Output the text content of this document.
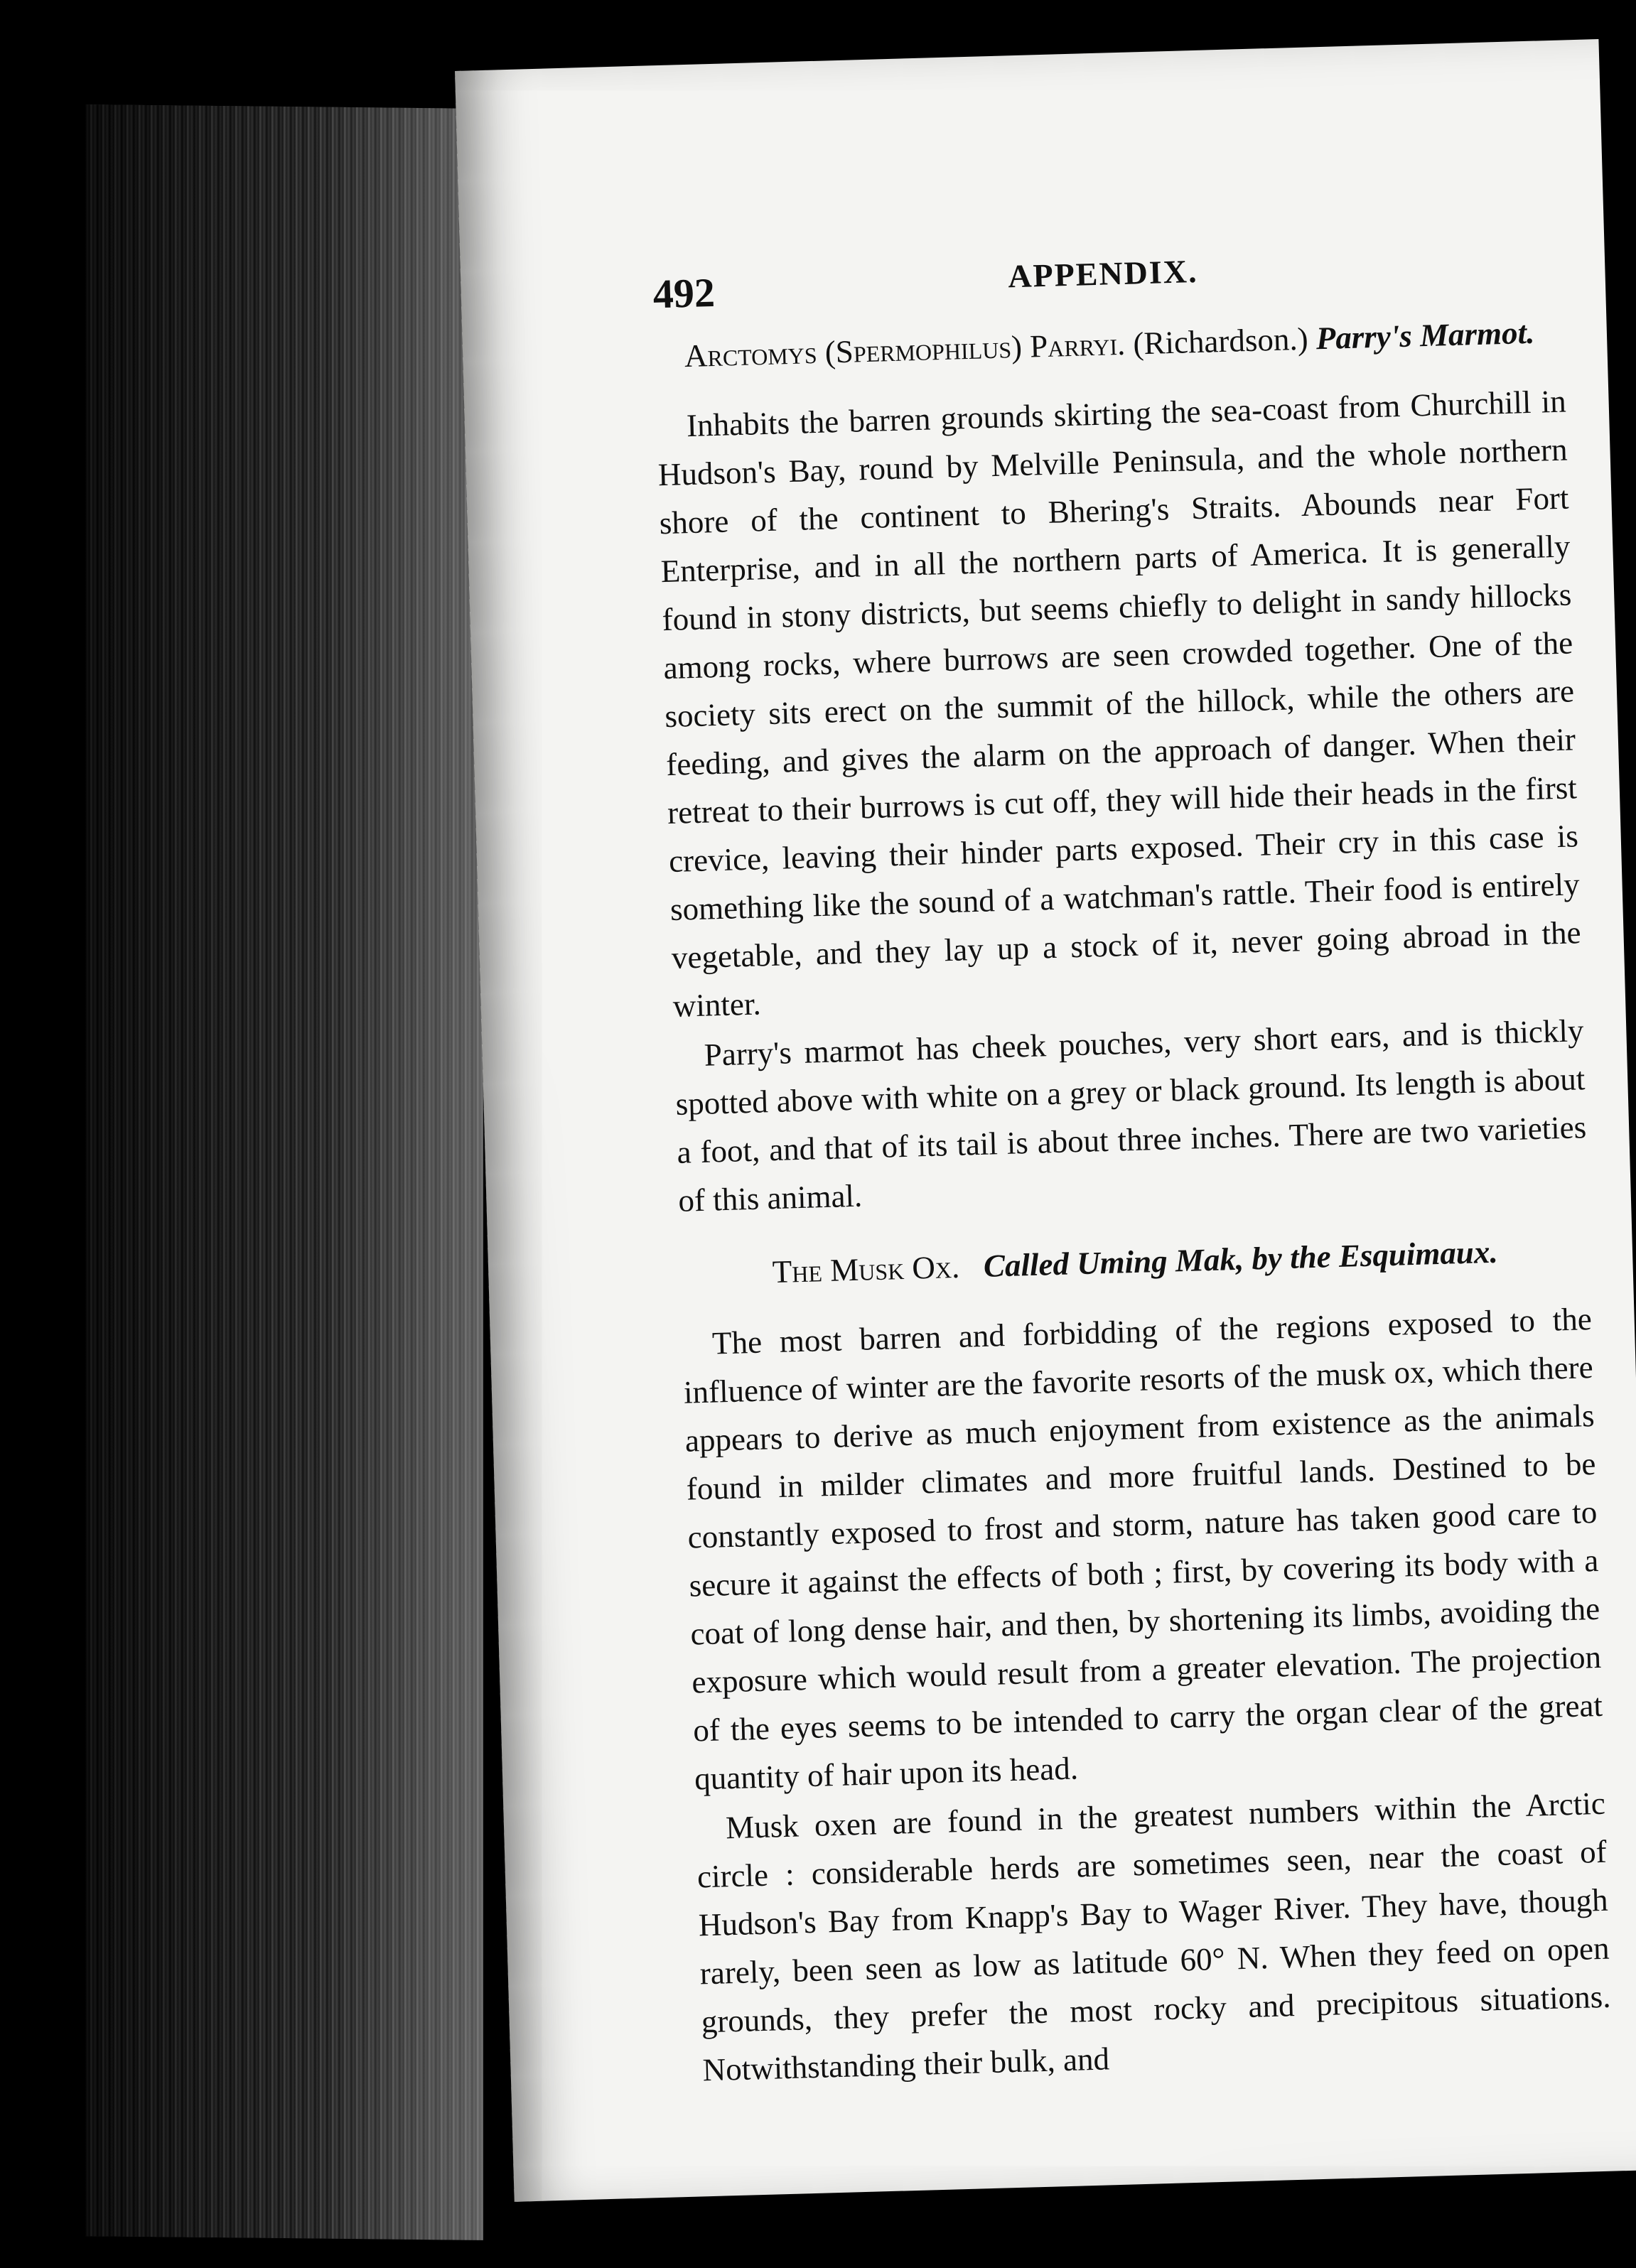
492	APPENDIX.
Arctomys (Spermophilus) Parryi. (Richardson.) Parry's Marmot.

Inhabits the barren grounds skirting the sea-coast from Churchill in Hudson's Bay, round by Melville Peninsula, and the whole northern shore of the continent to Bhering's Straits. Abounds near Fort Enterprise, and in all the northern parts of America. It is generally found in stony districts, but seems chiefly to delight in sandy hillocks among rocks, where burrows are seen crowded together. One of the society sits erect on the summit of the hillock, while the others are feeding, and gives the alarm on the approach of danger. When their retreat to their burrows is cut off, they will hide their heads in the first crevice, leaving their hinder parts exposed. Their cry in this case is something like the sound of a watchman's rattle. Their food is entirely vegetable, and they lay up a stock of it, never going abroad in the winter.

Parry's marmot has cheek pouches, very short ears, and is thickly spotted above with white on a grey or black ground. Its length is about a foot, and that of its tail is about three inches. There are two varieties of this animal.

The Musk Ox. Called Uming Mak, by the Esquimaux.

The most barren and forbidding of the regions exposed to the influence of winter are the favorite resorts of the musk ox, which there appears to derive as much enjoyment from existence as the animals found in milder climates and more fruitful lands. Destined to be constantly exposed to frost and storm, nature has taken good care to secure it against the effects of both ; first, by covering its body with a coat of long dense hair, and then, by shortening its limbs, avoiding the exposure which would result from a greater elevation. The projection of the eyes seems to be intended to carry the organ clear of the great quantity of hair upon its head.

Musk oxen are found in the greatest numbers within the Arctic circle : considerable herds are sometimes seen, near the coast of Hudson's Bay from Knapp's Bay to Wager River. They have, though rarely, been seen as low as latitude 60° N. When they feed on open grounds, they prefer the most rocky and precipitous situations. Notwithstanding their bulk, and
